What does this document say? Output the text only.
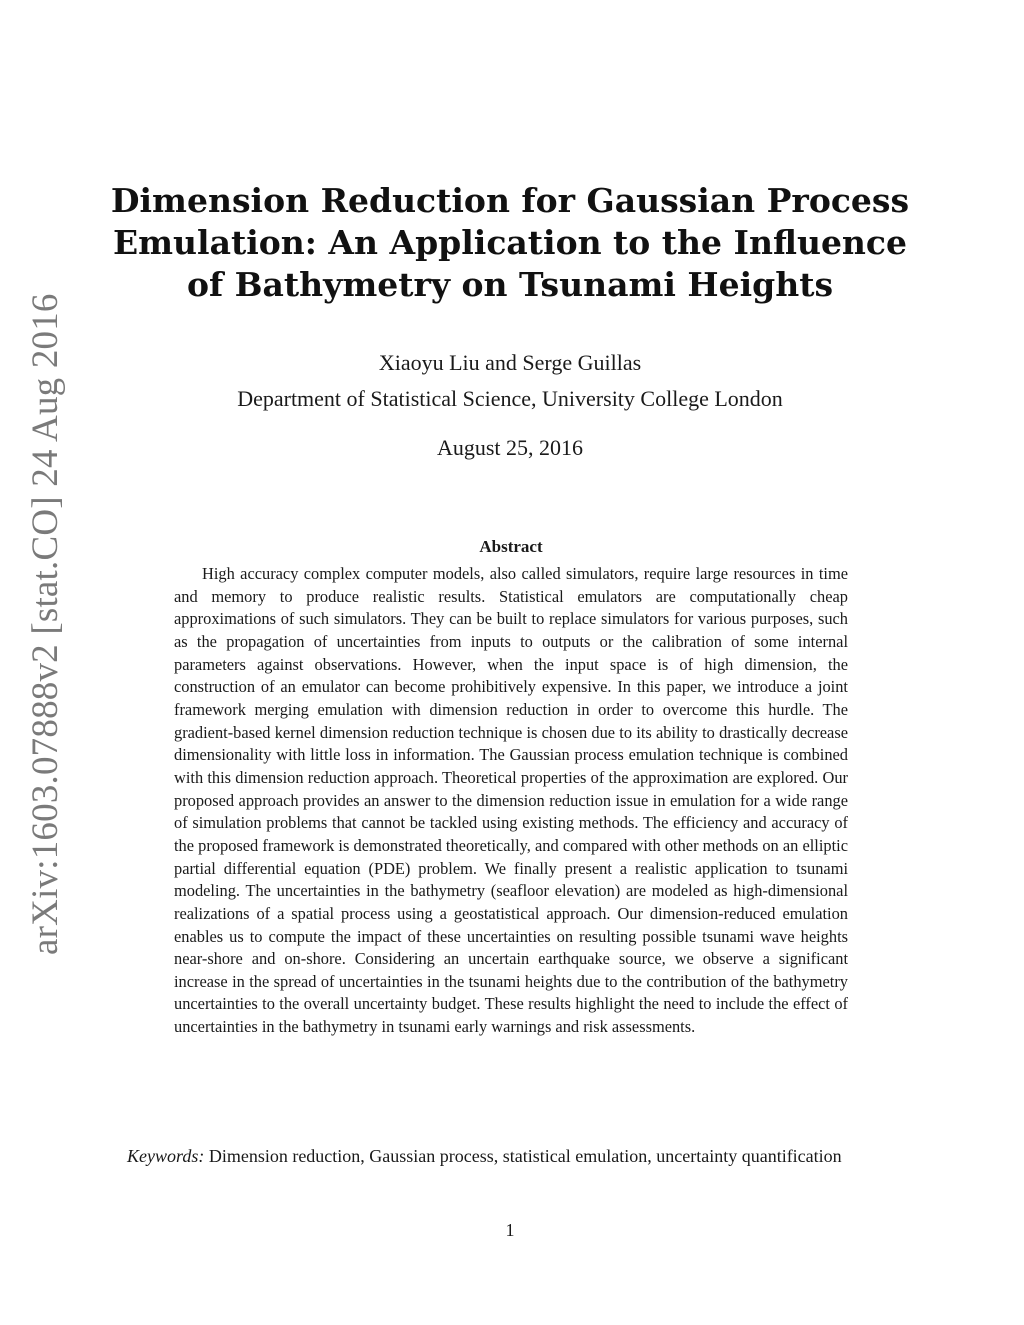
arXiv:1603.07888v2 [stat.CO] 24 Aug 2016
Dimension Reduction for Gaussian Process Emulation: An Application to the Influence of Bathymetry on Tsunami Heights
Xiaoyu Liu and Serge Guillas
Department of Statistical Science, University College London
August 25, 2016
Abstract

High accuracy complex computer models, also called simulators, require large resources in time and memory to produce realistic results. Statistical emulators are computationally cheap approximations of such simulators. They can be built to replace simulators for various purposes, such as the propagation of uncertainties from inputs to outputs or the calibration of some internal parameters against observations. However, when the input space is of high dimension, the construction of an emulator can become prohibitively expensive. In this paper, we introduce a joint framework merging emulation with dimension reduction in order to overcome this hurdle. The gradient-based kernel dimension reduction technique is chosen due to its ability to drastically decrease dimensionality with little loss in information. The Gaussian process emulation technique is combined with this dimension reduction approach. Theoretical properties of the approximation are explored. Our proposed approach provides an answer to the dimension reduction issue in emulation for a wide range of simulation problems that cannot be tackled using existing methods. The efficiency and accuracy of the proposed framework is demonstrated theoretically, and compared with other methods on an elliptic partial differential equation (PDE) problem. We finally present a realistic application to tsunami modeling. The uncertainties in the bathymetry (seafloor elevation) are modeled as high-dimensional realizations of a spatial process using a geostatistical approach. Our dimension-reduced emulation enables us to compute the impact of these uncertainties on resulting possible tsunami wave heights near-shore and on-shore. Considering an uncertain earthquake source, we observe a significant increase in the spread of uncertainties in the tsunami heights due to the contribution of the bathymetry uncertainties to the overall uncertainty budget. These results highlight the need to include the effect of uncertainties in the bathymetry in tsunami early warnings and risk assessments.

Keywords: Dimension reduction, Gaussian process, statistical emulation, uncertainty quantification
1
